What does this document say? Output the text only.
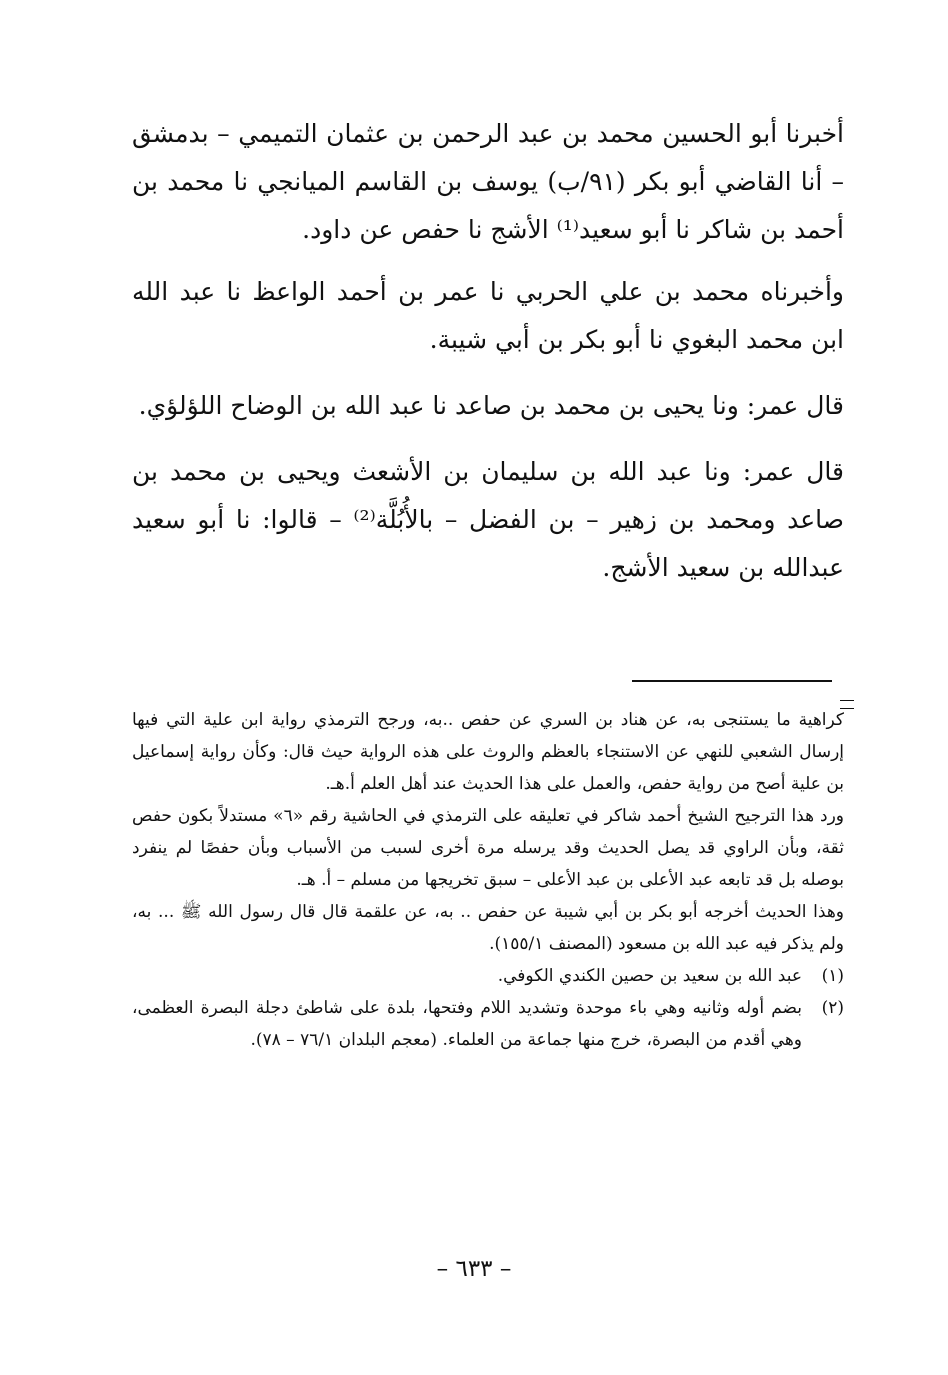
أخبرنا أبو الحسين محمد بن عبد الرحمن بن عثمان التميمي – بدمشق – أنا القاضي أبو بكر (٩١/ب) يوسف بن القاسم الميانجي نا محمد بن أحمد بن شاكر نا أبو سعيد⁽¹⁾ الأشج نا حفص عن داود.

وأخبرناه محمد بن علي الحربي نا عمر بن أحمد الواعظ نا عبد الله ابن محمد البغوي نا أبو بكر بن أبي شيبة.

قال عمر: ونا يحيى بن محمد بن صاعد نا عبد الله بن الوضاح اللؤلؤي.

قال عمر: ونا عبد الله بن سليمان بن الأشعث ويحيى بن محمد بن صاعد ومحمد بن زهير – بن الفضل – بالأُبُلَّة⁽²⁾ – قالوا: نا أبو سعيد عبدالله بن سعيد الأشج.

كراهية ما يستنجى به، عن هناد بن السري عن حفص ..به، ورجح الترمذي رواية ابن علية التي فيها إرسال الشعبي للنهي عن الاستنجاء بالعظم والروث على هذه الرواية حيث قال: وكأن رواية إسماعيل بن علية أصح من رواية حفص، والعمل على هذا الحديث عند أهل العلم أ.هـ.

ورد هذا الترجيح الشيخ أحمد شاكر في تعليقه على الترمذي في الحاشية رقم «٦» مستدلاً بكون حفص ثقة، وبأن الراوي قد يصل الحديث وقد يرسله مرة أخرى لسبب من الأسباب وبأن حفصًا لم ينفرد بوصله بل قد تابعه عبد الأعلى بن عبد الأعلى – سبق تخريجها من مسلم – أ. هـ.

وهذا الحديث أخرجه أبو بكر بن أبي شيبة عن حفص .. به، عن علقمة قال قال رسول الله ﷺ ... به، ولم يذكر فيه عبد الله بن مسعود (المصنف ١٥٥/١).

(١)
عبد الله بن سعيد بن حصين الكندي الكوفي.
(٢)
بضم أوله وثانيه وهي باء موحدة وتشديد اللام وفتحها، بلدة على شاطئ دجلة البصرة العظمى، وهي أقدم من البصرة، خرج منها جماعة من العلماء. (معجم البلدان ٧٦/١ – ٧٨).
– ٦٣٣ –
